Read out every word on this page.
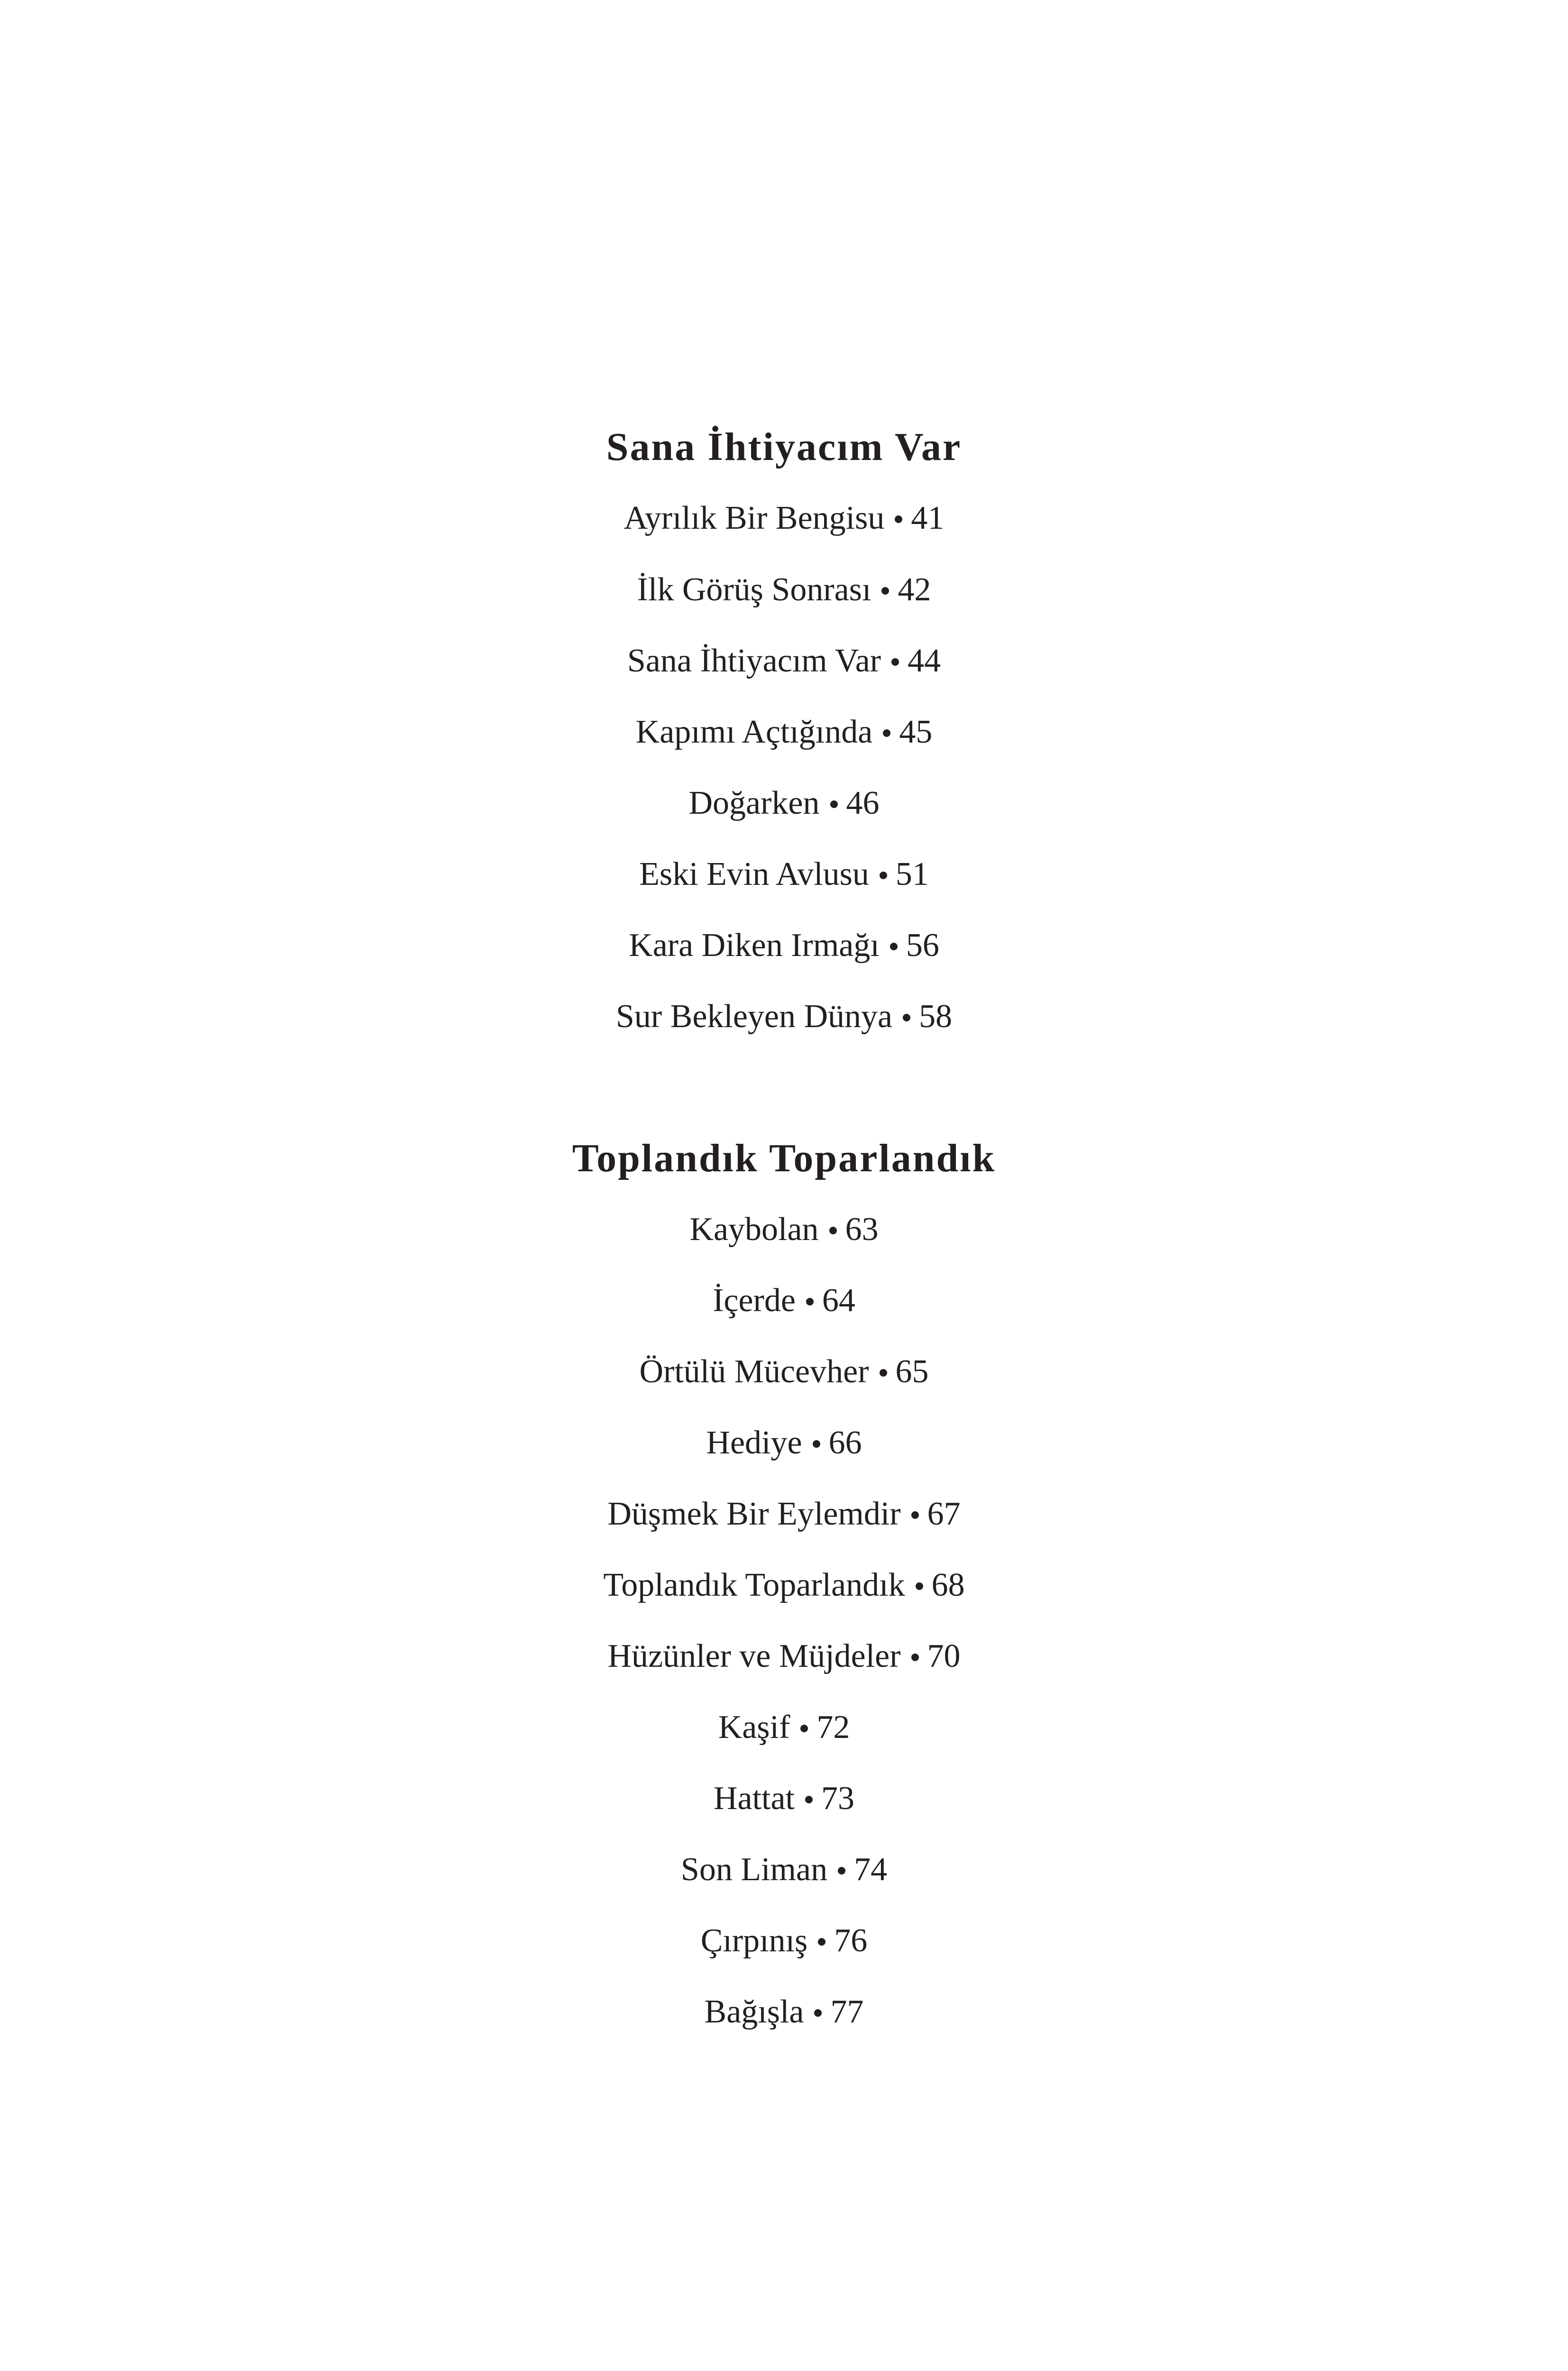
Sana İhtiyacım Var
Ayrılık Bir Bengisu 41
İlk Görüş Sonrası 42
Sana İhtiyacım Var 44
Kapımı Açtığında 45
Doğarken 46
Eski Evin Avlusu 51
Kara Diken Irmağı 56
Sur Bekleyen Dünya 58
Toplandık Toparlandık
Kaybolan 63
İçerde 64
Örtülü Mücevher 65
Hediye 66
Düşmek Bir Eylemdir 67
Toplandık Toparlandık 68
Hüzünler ve Müjdeler 70
Kaşif 72
Hattat 73
Son Liman 74
Çırpınış 76
Bağışla 77
